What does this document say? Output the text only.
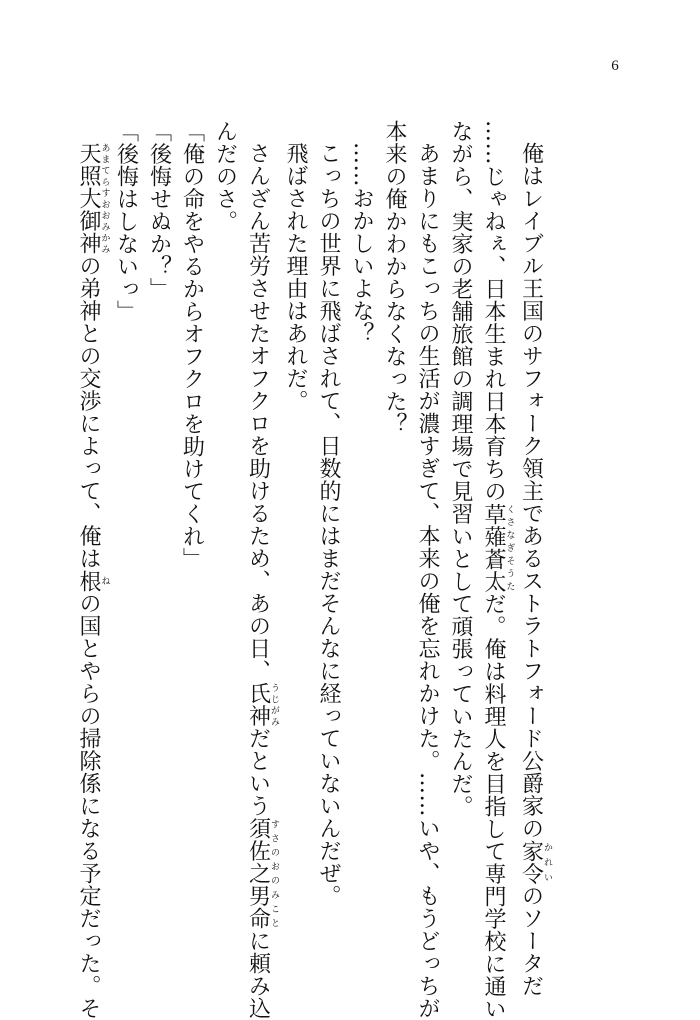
6

俺はレイブル王国のサフォーク領主であるストラトフォード公爵家の家令かれいのソータだ

……じゃねぇ、日本生まれ日本育ちの草薙蒼太くさなぎそうただ。俺は料理人を目指して専門学校に通い

ながら、実家の老舗旅館の調理場で見習いとして頑張っていたんだ。

あまりにもこっちの生活が濃すぎて、本来の俺を忘れかけた。……いや、もうどっちが

本来の俺かわからなくなった？

……おかしいよな？

こっちの世界に飛ばされて、日数的にはまだそんなに経っていないんだぜ。

飛ばされた理由はあれだ。

さんざん苦労させたオフクロを助けるため、あの日、氏神うじがみだという須佐之男命すさのおのみことに頼み込

んだのさ。

「俺の命をやるからオフクロを助けてくれ」

「後悔せぬか？」

「後悔はしないっ」

天照大御神あまてらすおおみかみの弟神との交渉によって、俺は根ねの国とやらの掃除係になる予定だった。そ
